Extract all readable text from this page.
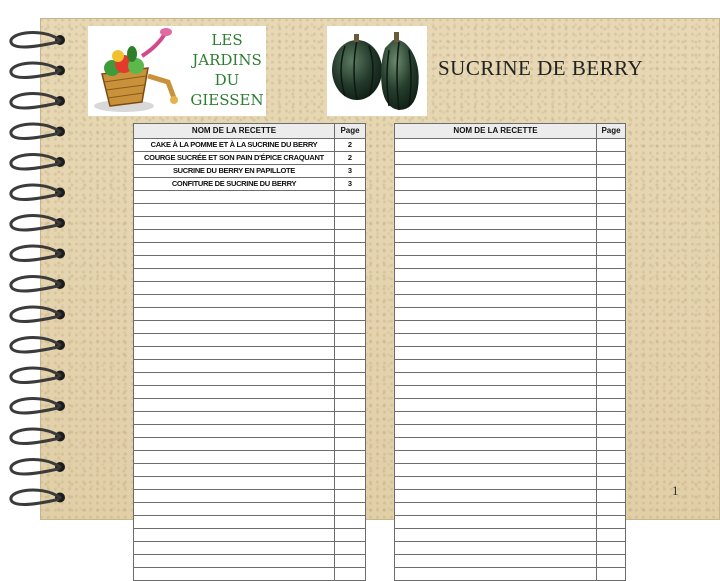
LES
JARDINS
DU
GIESSEN
SUCRINE DE BERRY
NOM DE LA RECETTE	Page
CAKE À LA POMME ET À LA SUCRINE DU BERRY	2
COURGE SUCRÉE ET SON PAIN D'ÉPICE CRAQUANT	2
SUCRINE DU BERRY EN PAPILLOTE	3
CONFITURE DE SUCRINE DU BERRY	3

NOM DE LA RECETTE	Page

1
